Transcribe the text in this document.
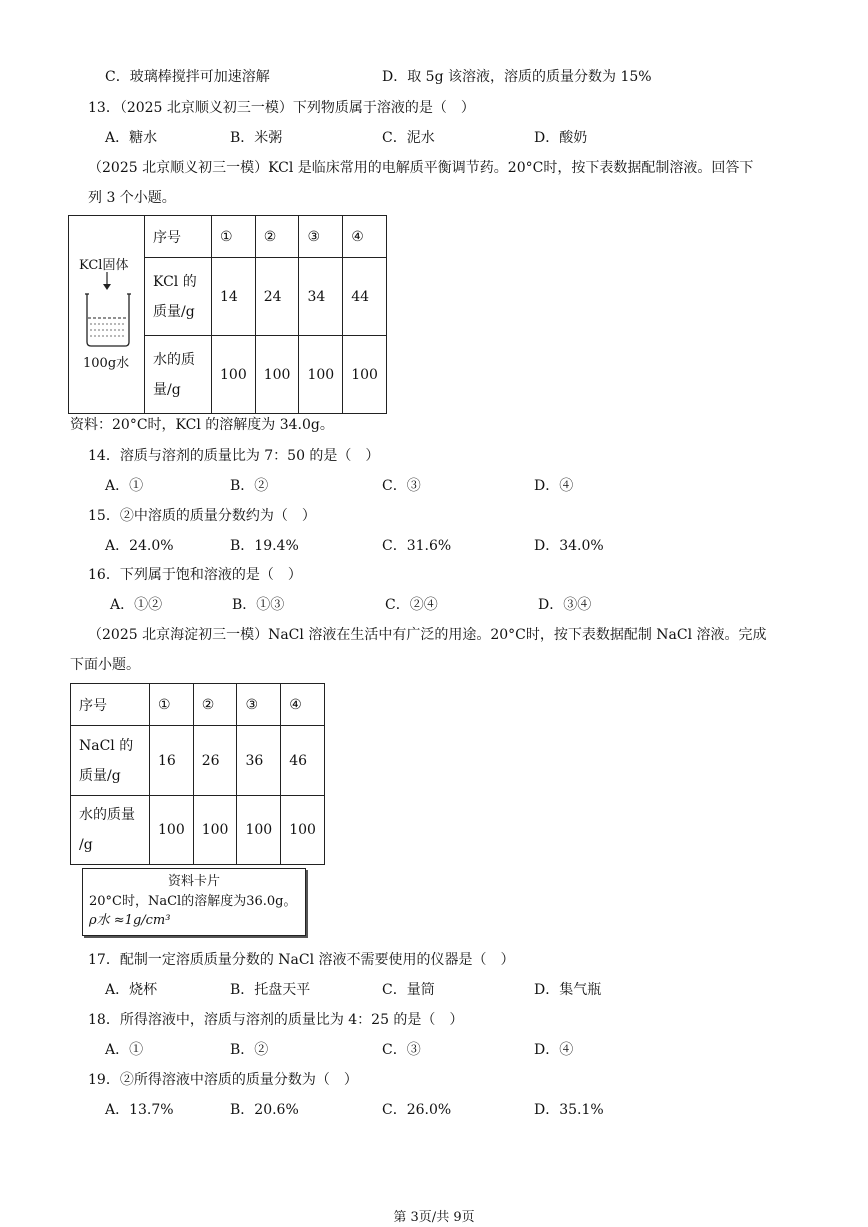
C．玻璃棒搅拌可加速溶解	D．取 5g 该溶液，溶质的质量分数为 15%
13．（2025 北京顺义初三一模）下列物质属于溶液的是（　）
A．糖水	B．米粥	C．泥水	D．酸奶
（2025 北京顺义初三一模）KCl 是临床常用的电解质平衡调节药。20°C时，按下表数据配制溶液。回答下
列 3 个小题。
KCl固体
100g水
序号	①	②	③	④

KCl 的
质量/g	14	24	34	44

水的质
量/g	100	100	100	100
资料：20°C时，KCl 的溶解度为 34.0g。
14．溶质与溶剂的质量比为 7：50 的是（　）
A．①	B．②	C．③	D．④
15．②中溶质的质量分数约为（　）
A．24.0%	B．19.4%	C．31.6%	D．34.0%
16．下列属于饱和溶液的是（　）
A．①②	B．①③	C．②④	D．③④
（2025 北京海淀初三一模）NaCl 溶液在生活中有广泛的用途。20°C时，按下表数据配制 NaCl 溶液。完成
下面小题。
序号	①	②	③	④

NaCl 的
质量/g	16	26	36	46

水的质量
/g	100	100	100	100
资料卡片
20°C时，NaCl的溶解度为36.0g。
ρ水 ≈1g/cm³
17．配制一定溶质质量分数的 NaCl 溶液不需要使用的仪器是（　）
A．烧杯	B．托盘天平	C．量筒	D．集气瓶
18．所得溶液中，溶质与溶剂的质量比为 4：25 的是（　）
A．①	B．②	C．③	D．④
19．②所得溶液中溶质的质量分数为（　）
A．13.7%	B．20.6%	C．26.0%	D．35.1%
第 3页/共 9页
